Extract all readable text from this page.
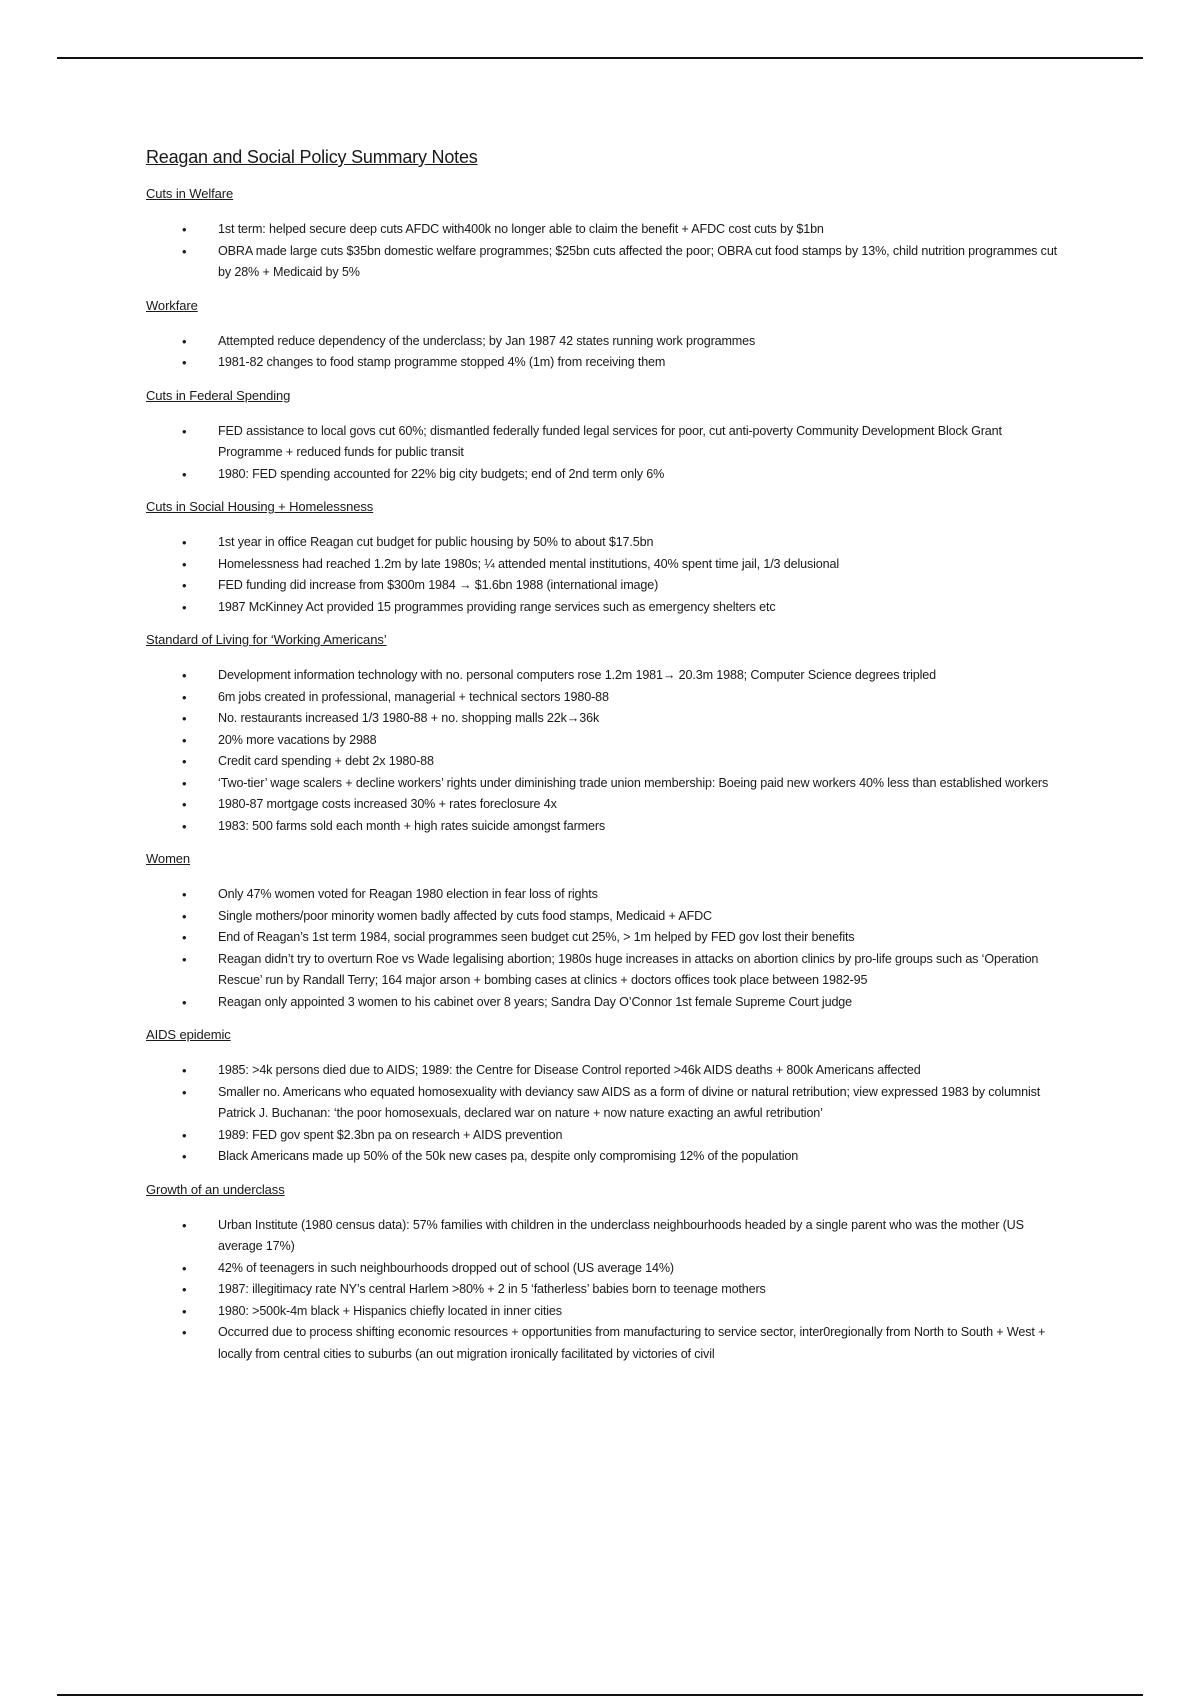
Reagan and Social Policy Summary Notes
Cuts in Welfare
• 1st term: helped secure deep cuts AFDC with400k no longer able to claim the benefit + AFDC cost cuts by $1bn
• OBRA made large cuts $35bn domestic welfare programmes; $25bn cuts affected the poor; OBRA cut food stamps by 13%, child nutrition programmes cut by 28% + Medicaid by 5%
Workfare
• Attempted reduce dependency of the underclass; by Jan 1987 42 states running work programmes
• 1981-82 changes to food stamp programme stopped 4% (1m) from receiving them
Cuts in Federal Spending
• FED assistance to local govs cut 60%; dismantled federally funded legal services for poor, cut anti-poverty Community Development Block Grant Programme + reduced funds for public transit
• 1980: FED spending accounted for 22% big city budgets; end of 2nd term only 6%
Cuts in Social Housing + Homelessness
• 1st year in office Reagan cut budget for public housing by 50% to about $17.5bn
• Homelessness had reached 1.2m by late 1980s; ¼ attended mental institutions, 40% spent time jail, 1/3 delusional
• FED funding did increase from $300m 1984 → $1.6bn 1988 (international image)
• 1987 McKinney Act provided 15 programmes providing range services such as emergency shelters etc
Standard of Living for ‘Working Americans’
• Development information technology with no. personal computers rose 1.2m 1981→ 20.3m 1988; Computer Science degrees tripled
• 6m jobs created in professional, managerial + technical sectors 1980-88
• No. restaurants increased 1/3 1980-88 + no. shopping malls 22k→36k
• 20% more vacations by 2988
• Credit card spending + debt 2x 1980-88
• ‘Two-tier’ wage scalers + decline workers’ rights under diminishing trade union membership: Boeing paid new workers 40% less than established workers
• 1980-87 mortgage costs increased 30% + rates foreclosure 4x
• 1983: 500 farms sold each month + high rates suicide amongst farmers
Women
• Only 47% women voted for Reagan 1980 election in fear loss of rights
• Single mothers/poor minority women badly affected by cuts food stamps, Medicaid + AFDC
• End of Reagan’s 1st term 1984, social programmes seen budget cut 25%, > 1m helped by FED gov lost their benefits
• Reagan didn’t try to overturn Roe vs Wade legalising abortion; 1980s huge increases in attacks on abortion clinics by pro-life groups such as ‘Operation Rescue’ run by Randall Terry; 164 major arson + bombing cases at clinics + doctors offices took place between 1982-95
• Reagan only appointed 3 women to his cabinet over 8 years; Sandra Day O’Connor 1st female Supreme Court judge
AIDS epidemic
• 1985: >4k persons died due to AIDS; 1989: the Centre for Disease Control reported >46k AIDS deaths + 800k Americans affected
• Smaller no. Americans who equated homosexuality with deviancy saw AIDS as a form of divine or natural retribution; view expressed 1983 by columnist Patrick J. Buchanan: ‘the poor homosexuals, declared war on nature + now nature exacting an awful retribution’
• 1989: FED gov spent $2.3bn pa on research + AIDS prevention
• Black Americans made up 50% of the 50k new cases pa, despite only compromising 12% of the population
Growth of an underclass
• Urban Institute (1980 census data): 57% families with children in the underclass neighbourhoods headed by a single parent who was the mother (US average 17%)
• 42% of teenagers in such neighbourhoods dropped out of school (US average 14%)
• 1987: illegitimacy rate NY’s central Harlem >80% + 2 in 5 ‘fatherless’ babies born to teenage mothers
• 1980: >500k-4m black + Hispanics chiefly located in inner cities
• Occurred due to process shifting economic resources + opportunities from manufacturing to service sector, inter0regionally from North to South + West + locally from central cities to suburbs (an out migration ironically facilitated by victories of civil
